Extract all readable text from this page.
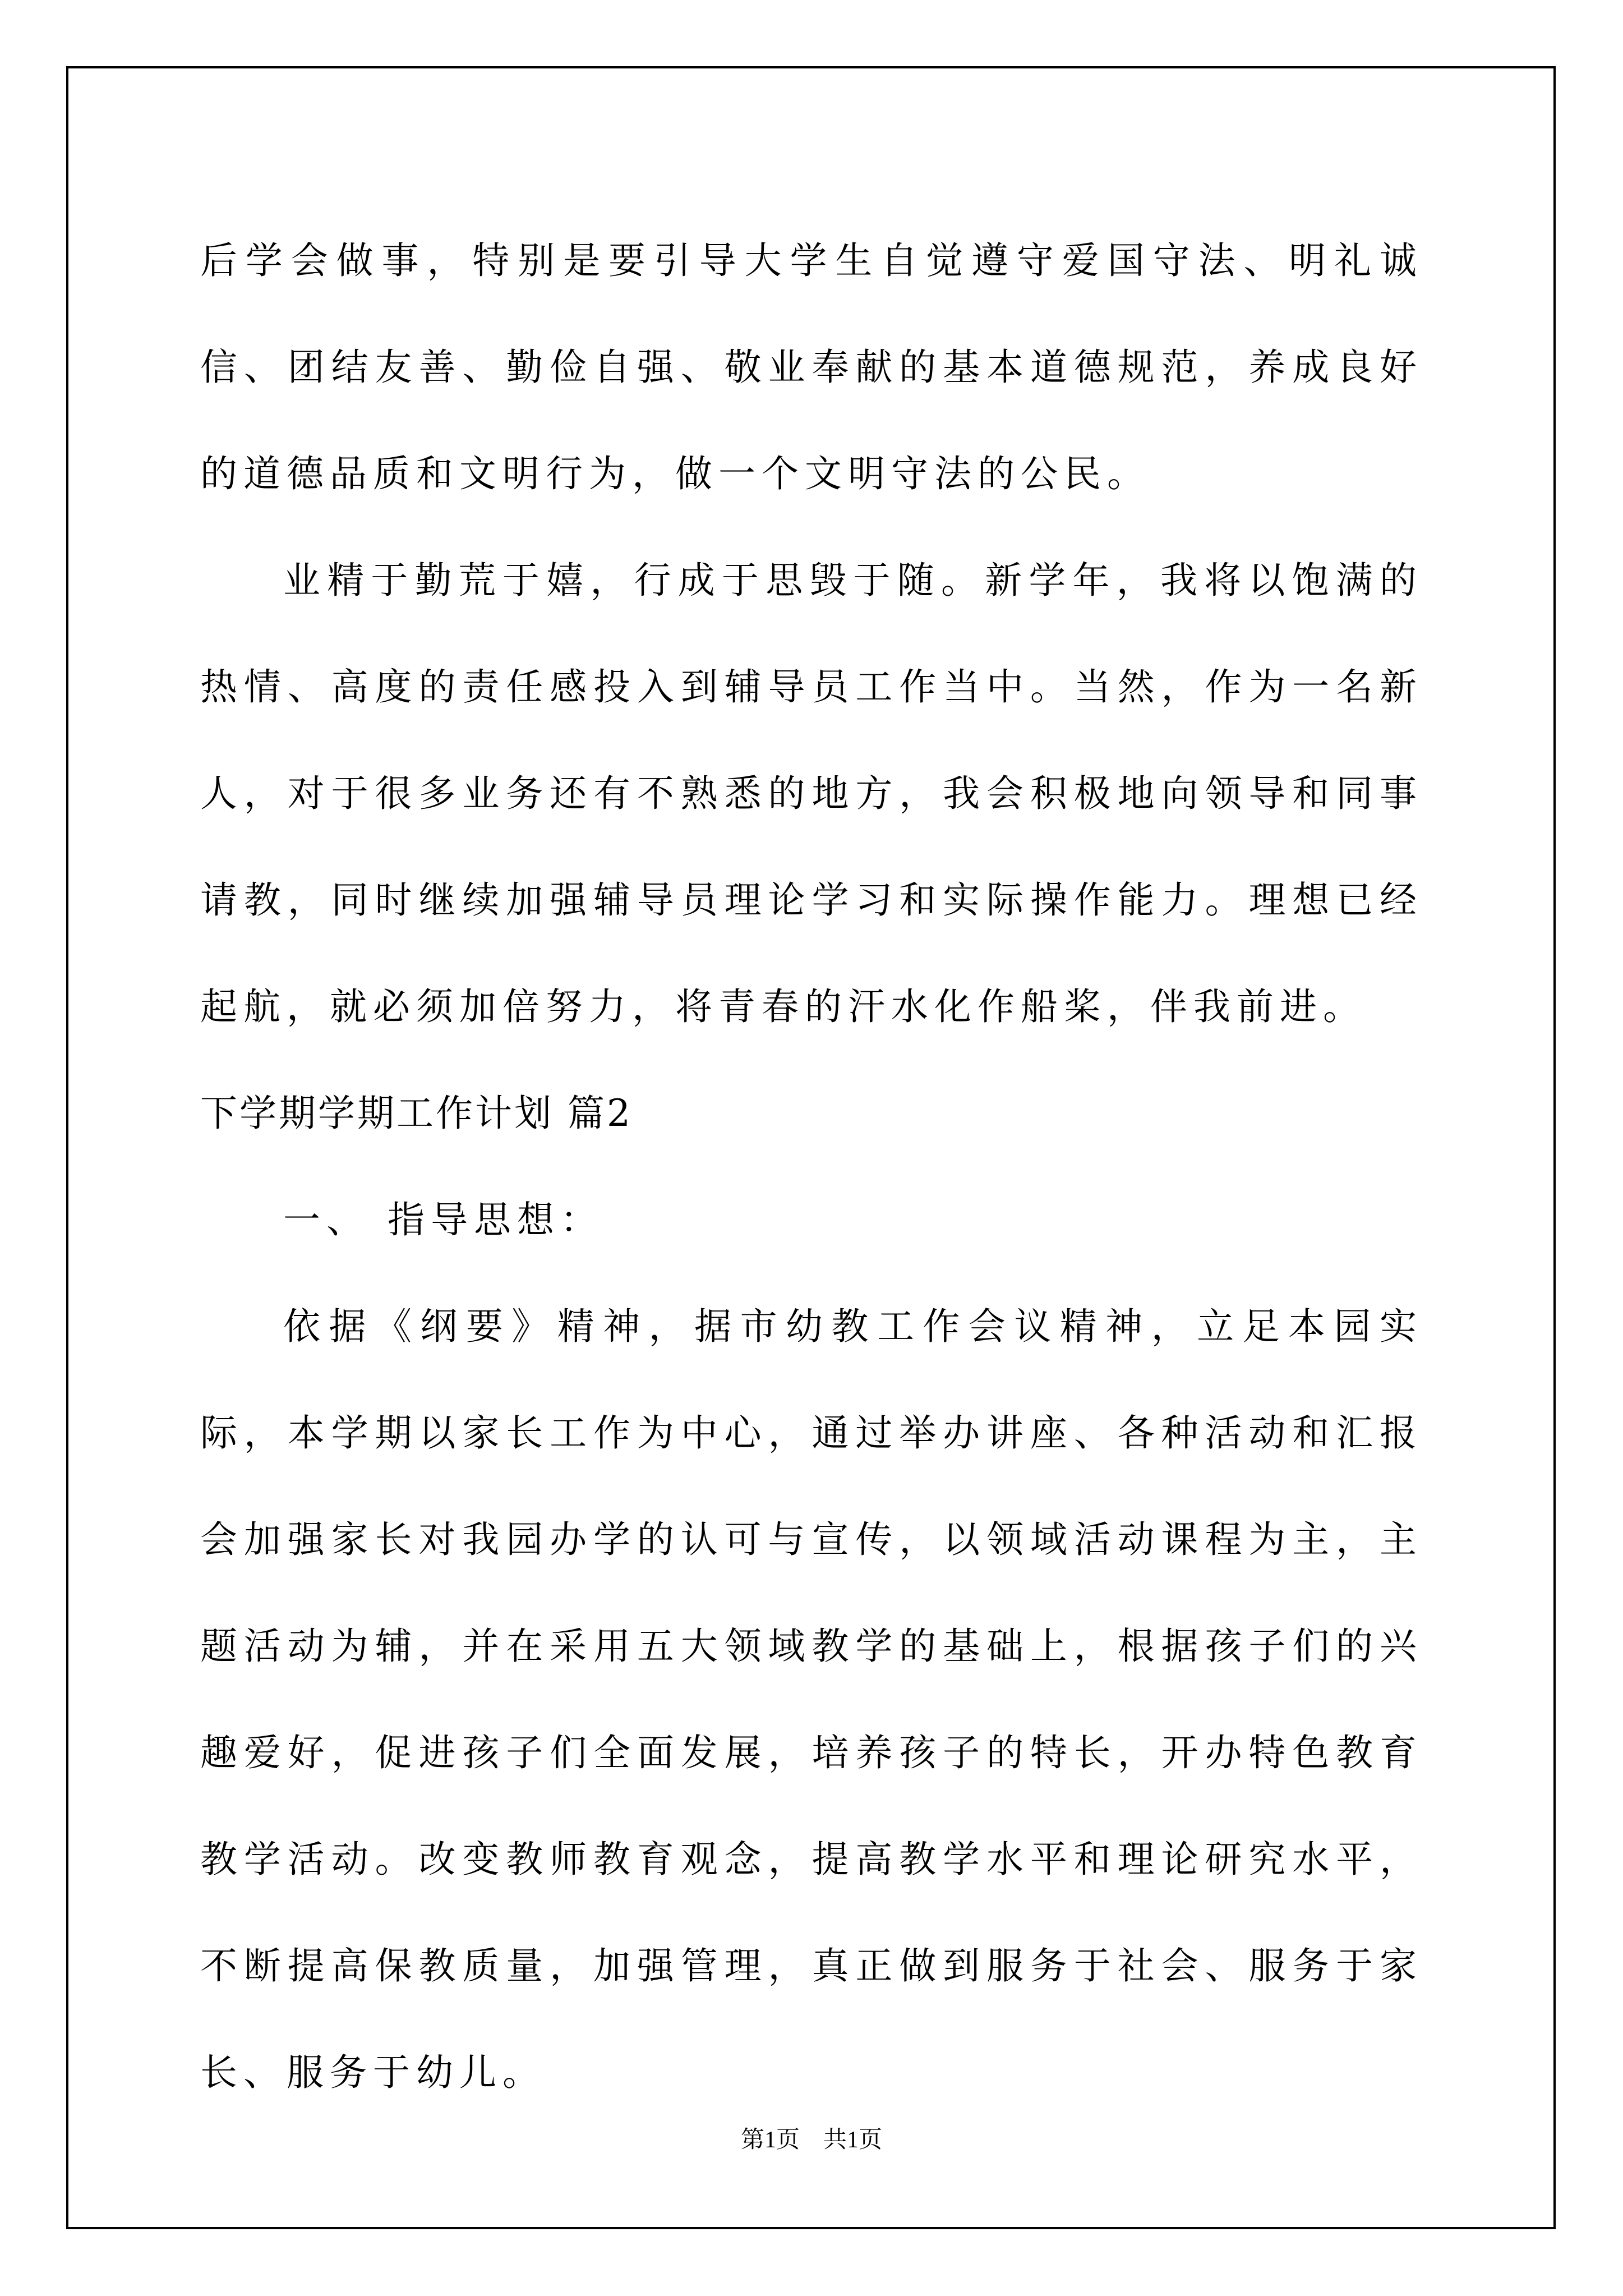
后学会做事，特别是要引导大学生自觉遵守爱国守法、明礼诚信、团结友善、勤俭自强、敬业奉献的基本道德规范，养成良好的道德品质和文明行为，做一个文明守法的公民。

业精于勤荒于嬉，行成于思毁于随。新学年，我将以饱满的热情、高度的责任感投入到辅导员工作当中。当然，作为一名新人，对于很多业务还有不熟悉的地方，我会积极地向领导和同事请教，同时继续加强辅导员理论学习和实际操作能力。理想已经起航，就必须加倍努力，将青春的汗水化作船桨，伴我前进。

下学期学期工作计划 篇2

一、 指导思想：

依据《纲要》精神，据市幼教工作会议精神，立足本园实际，本学期以家长工作为中心，通过举办讲座、各种活动和汇报会加强家长对我园办学的认可与宣传，以领域活动课程为主，主题活动为辅，并在采用五大领域教学的基础上，根据孩子们的兴趣爱好，促进孩子们全面发展，培养孩子的特长，开办特色教育教学活动。改变教师教育观念，提高教学水平和理论研究水平，不断提高保教质量，加强管理，真正做到服务于社会、服务于家长、服务于幼儿。

第1页　共1页
